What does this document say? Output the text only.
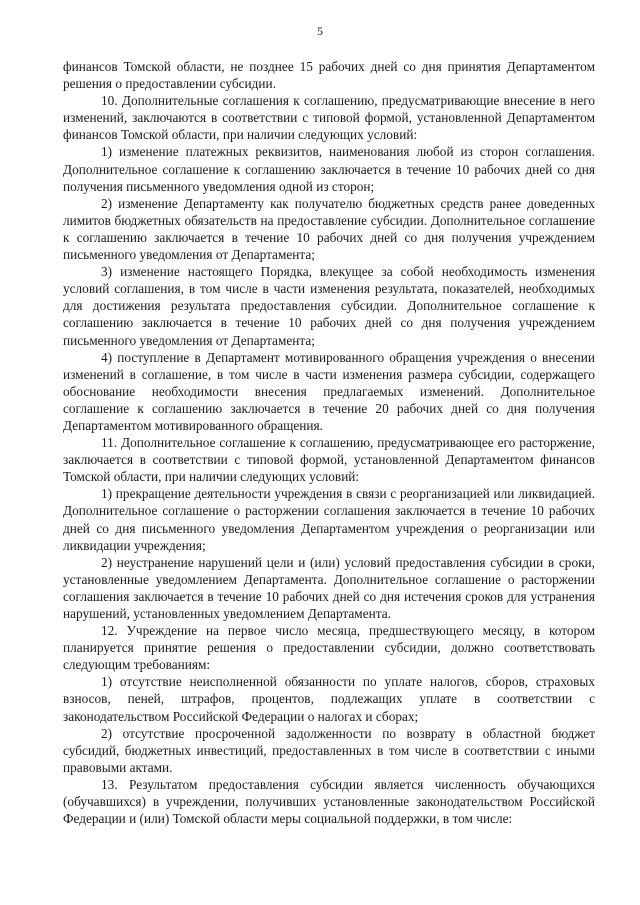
5

финансов Томской области, не позднее 15 рабочих дней со дня принятия Департаментом решения о предоставлении субсидии.

10. Дополнительные соглашения к соглашению, предусматривающие внесение в него изменений, заключаются в соответствии с типовой формой, установленной Департаментом финансов Томской области, при наличии следующих условий:

1) изменение платежных реквизитов, наименования любой из сторон соглашения. Дополнительное соглашение к соглашению заключается в течение 10 рабочих дней со дня получения письменного уведомления одной из сторон;

2) изменение Департаменту как получателю бюджетных средств ранее доведенных лимитов бюджетных обязательств на предоставление субсидии. Дополнительное соглашение к соглашению заключается в течение 10 рабочих дней со дня получения учреждением письменного уведомления от Департамента;

3) изменение настоящего Порядка, влекущее за собой необходимость изменения условий соглашения, в том числе в части изменения результата, показателей, необходимых для достижения результата предоставления субсидии. Дополнительное соглашение к соглашению заключается в течение 10 рабочих дней со дня получения учреждением письменного уведомления от Департамента;

4) поступление в Департамент мотивированного обращения учреждения о внесении изменений в соглашение, в том числе в части изменения размера субсидии, содержащего обоснование необходимости внесения предлагаемых изменений. Дополнительное соглашение к соглашению заключается в течение 20 рабочих дней со дня получения Департаментом мотивированного обращения.

11. Дополнительное соглашение к соглашению, предусматривающее его расторжение, заключается в соответствии с типовой формой, установленной Департаментом финансов Томской области, при наличии следующих условий:

1) прекращение деятельности учреждения в связи с реорганизацией или ликвидацией. Дополнительное соглашение о расторжении соглашения заключается в течение 10 рабочих дней со дня письменного уведомления Департаментом учреждения о реорганизации или ликвидации учреждения;

2) неустранение нарушений цели и (или) условий предоставления субсидии в сроки, установленные уведомлением Департамента. Дополнительное соглашение о расторжении соглашения заключается в течение 10 рабочих дней со дня истечения сроков для устранения нарушений, установленных уведомлением Департамента.

12. Учреждение на первое число месяца, предшествующего месяцу, в котором планируется принятие решения о предоставлении субсидии, должно соответствовать следующим требованиям:

1) отсутствие неисполненной обязанности по уплате налогов, сборов, страховых взносов, пеней, штрафов, процентов, подлежащих уплате в соответствии с законодательством Российской Федерации о налогах и сборах;

2) отсутствие просроченной задолженности по возврату в областной бюджет субсидий, бюджетных инвестиций, предоставленных в том числе в соответствии с иными правовыми актами.

13. Результатом предоставления субсидии является численность обучающихся (обучавшихся) в учреждении, получивших установленные законодательством Российской Федерации и (или) Томской области меры социальной поддержки, в том числе:
